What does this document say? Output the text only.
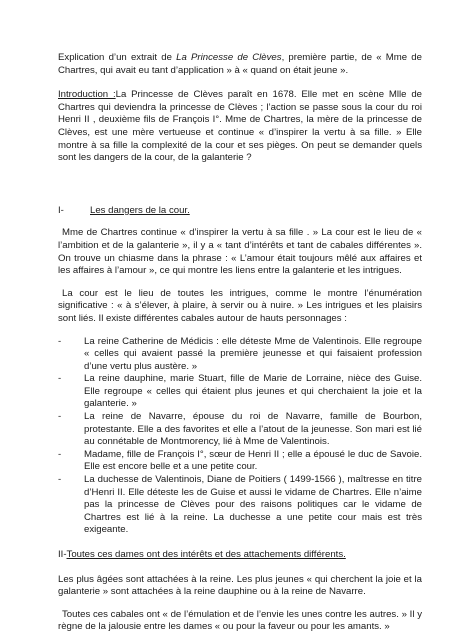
Explication d’un extrait de La Princesse de Clèves, première partie, de « Mme de Chartres, qui avait eu tant d’application » à « quand on était jeune ».

Introduction :La Princesse de Clèves paraît en 1678. Elle met en scène Mlle de Chartres qui deviendra la princesse de Clèves ; l’action se passe sous la cour du roi Henri II , deuxième fils de François I°. Mme de Chartres, la mère de la princesse de Clèves, est une mère vertueuse et continue « d’inspirer la vertu à sa fille. » Elle montre à sa fille la complexité de la cour et ses pièges. On peut se demander quels sont les dangers de la cour, de la galanterie ?

I-	Les dangers de la cour.

Mme de Chartres continue « d’inspirer la vertu à sa fille . » La cour est le lieu de « l’ambition et de la galanterie », il y a « tant d’intérêts et tant de cabales différentes ». On trouve un chiasme dans la phrase : « L’amour était toujours mêlé aux affaires et les affaires à l’amour », ce qui montre les liens entre la galanterie et les intrigues.

La cour est le lieu de toutes les intrigues, comme le montre l’énumération significative : « à s’élever, à plaire, à servir ou à nuire. » Les intrigues et les plaisirs sont liés. Il existe différentes cabales autour de hauts personnages :

-	La reine Catherine de Médicis : elle déteste Mme de Valentinois. Elle regroupe « celles qui avaient passé la première jeunesse et qui faisaient profession d’une vertu plus austère. »
-	La reine dauphine, marie Stuart, fille de Marie de Lorraine, nièce des Guise. Elle regroupe « celles qui étaient plus jeunes et qui cherchaient la joie et la galanterie. »
-	La reine de Navarre, épouse du roi de Navarre, famille de Bourbon, protestante. Elle a des favorites et elle a l’atout de la jeunesse. Son mari est lié au connétable de Montmorency, lié à Mme de Valentinois.
-	Madame, fille de François I°, sœur de Henri II ; elle a épousé le duc de Savoie. Elle est encore belle et a une petite cour.
-	La duchesse de Valentinois, Diane de Poitiers ( 1499-1566 ), maîtresse en titre d’Henri II. Elle déteste les de Guise et aussi le vidame de Chartres. Elle n’aime pas la princesse de Clèves pour des raisons politiques car le vidame de Chartres est lié à la reine. La duchesse a une petite cour mais est très exigeante.

II-Toutes ces dames ont des intérêts et des attachements différents.

Les plus âgées sont attachées à la reine. Les plus jeunes « qui cherchent la joie et la galanterie » sont attachées à la reine dauphine ou à la reine de Navarre.

Toutes ces cabales ont « de l’émulation et de l’envie les unes contre les autres. » Il y règne de la jalousie entre les dames « ou pour la faveur ou pour les amants. »
